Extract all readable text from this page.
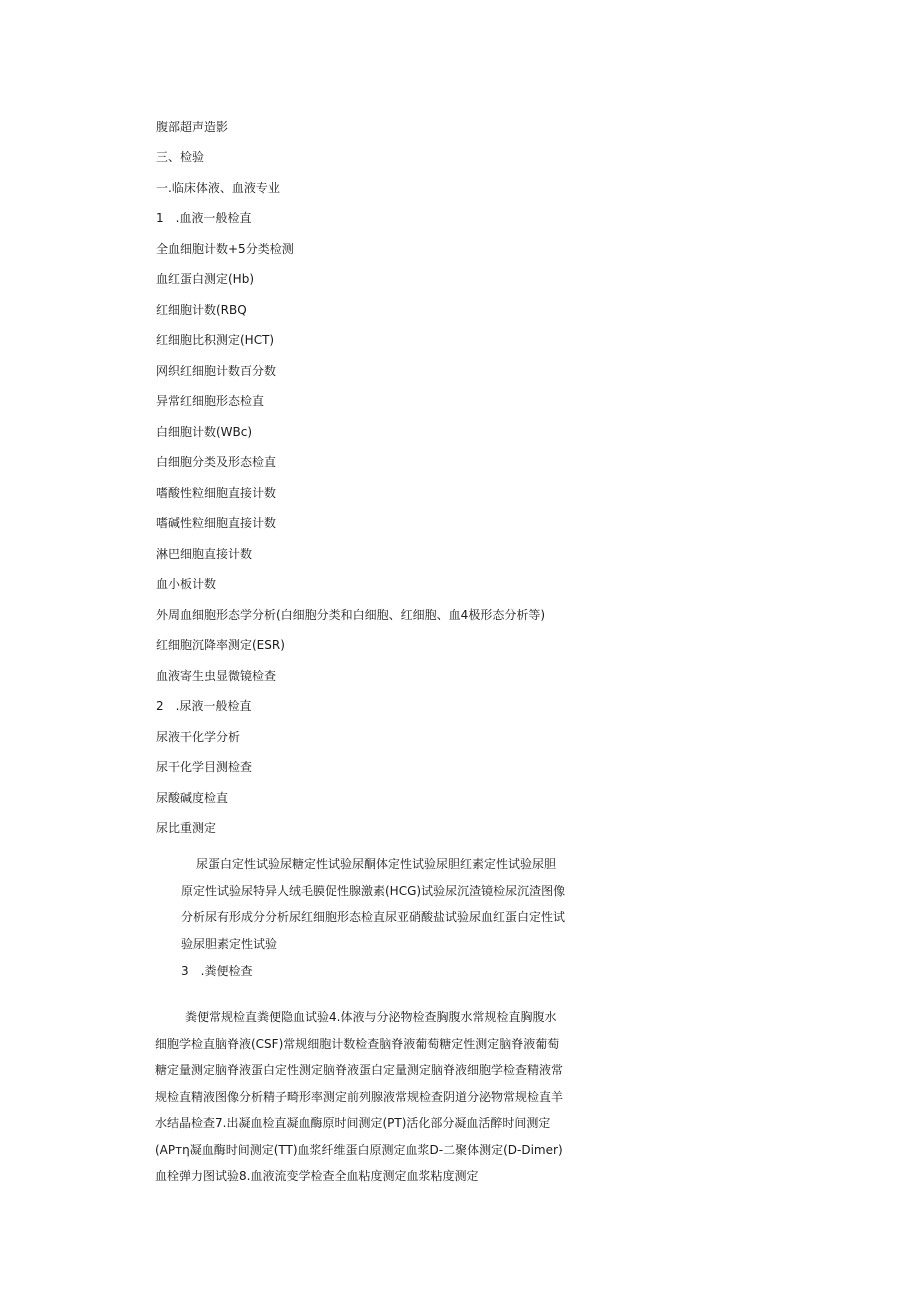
腹部超声造影
三、检验
一.临床体液、血液专业
1　.血液一般检直
全血细胞计数+5分类检测
血红蛋白测定(Hb)
红细胞计数(RBQ
红细胞比积测定(HCT)
网织红细胞计数百分数
异常红细胞形态检直
白细胞计数(WBc)
白细胞分类及形态检直
嗜酸性粒细胞直接计数
嗜碱性粒细胞直接计数
淋巴细胞直接计数
血小板计数
外周血细胞形态学分析(白细胞分类和白细胞、红细胞、血4极形态分析等)
红细胞沉降率测定(ESR)
血液寄生虫显微镜检查
2　.尿液一般检直
尿液干化学分析
尿干化学目测检查
尿酸碱度检直
尿比重测定

尿蛋白定性试验尿糖定性试验尿酮体定性试验尿胆红素定性试验尿胆原定性试验尿特异人绒毛膜促性腺激素(HCG)试验尿沉渣镜检尿沉渣图像分析尿有形成分分析尿红细胞形态检直尿亚硝酸盐试验尿血红蛋白定性试验尿胆素定性试验

3　.粪便检查

粪便常规检直粪便隐血试验4.体液与分泌物检查胸腹水常规检直胸腹水细胞学检直脑脊液(CSF)常规细胞计数检查脑脊液葡萄糖定性测定脑脊液葡萄糖定量测定脑脊液蛋白定性测定脑脊液蛋白定量测定脑脊液细胞学检查精液常规检直精液图像分析精子畸形率测定前列腺液常规检查阴道分泌物常规检直羊水结晶检查7.出凝血检直凝血酶原时间测定(PT)活化部分凝血活醉时间测定(APтη凝血酶时间测定(TT)血浆纤维蛋白原测定血浆D-二聚体测定(D-Dimer)血栓弹力图试验8.血液流变学检查全血粘度测定血浆粘度测定
